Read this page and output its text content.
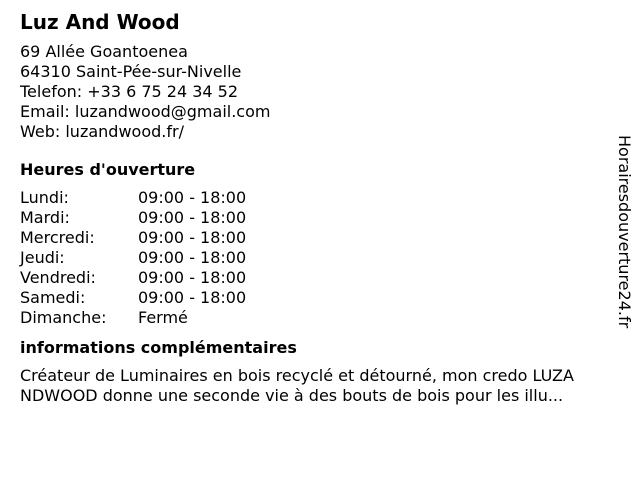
Luz And Wood
69 Allée Goantoenea
64310 Saint-Pée-sur-Nivelle
Telefon: +33 6 75 24 34 52
Email: luzandwood@gmail.com
Web: luzandwood.fr/
Heures d'ouverture
Lundi:	09:00 - 18:00
Mardi:	09:00 - 18:00
Mercredi:	09:00 - 18:00
Jeudi:	09:00 - 18:00
Vendredi:	09:00 - 18:00
Samedi:	09:00 - 18:00
Dimanche:	Fermé
informations complémentaires
Créateur de Luminaires en bois recyclé et détourné, mon credo LUZA
NDWOOD donne une seconde vie à des bouts de bois pour les illu...
Horairesdouverture24.fr
